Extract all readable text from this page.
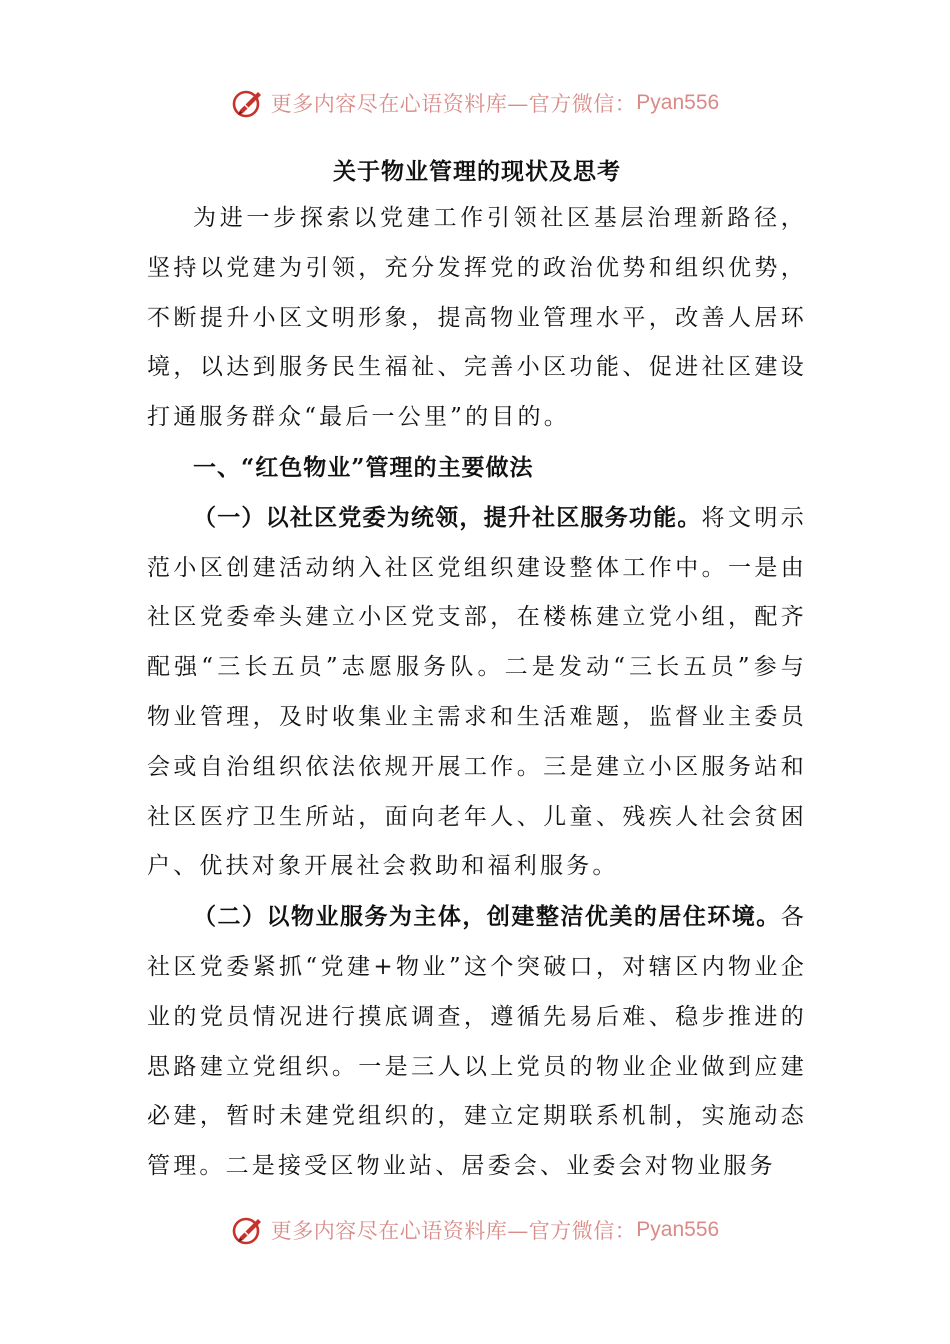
更多内容尽在心语资料库—官方微信： Pyan556
关于物业管理的现状及思考

为进一步探索以党建工作引领社区基层治理新路径，坚持以党建为引领，充分发挥党的政治优势和组织优势，不断提升小区文明形象，提高物业管理水平，改善人居环境，以达到服务民生福祉、完善小区功能、促进社区建设打通服务群众“最后一公里”的目的。

一、“红色物业”管理的主要做法

（一）以社区党委为统领，提升社区服务功能。将文明示范小区创建活动纳入社区党组织建设整体工作中。一是由社区党委牵头建立小区党支部，在楼栋建立党小组，配齐配强“三长五员”志愿服务队。二是发动“三长五员”参与物业管理，及时收集业主需求和生活难题，监督业主委员会或自治组织依法依规开展工作。三是建立小区服务站和社区医疗卫生所站，面向老年人、儿童、残疾人社会贫困户、优扶对象开展社会救助和福利服务。

（二）以物业服务为主体，创建整洁优美的居住环境。各社区党委紧抓“党建+物业”这个突破口，对辖区内物业企业的党员情况进行摸底调查，遵循先易后难、稳步推进的思路建立党组织。一是三人以上党员的物业企业做到应建必建，暂时未建党组织的，建立定期联系机制，实施动态管理。二是接受区物业站、居委会、业委会对物业服务

更多内容尽在心语资料库—官方微信： Pyan556
